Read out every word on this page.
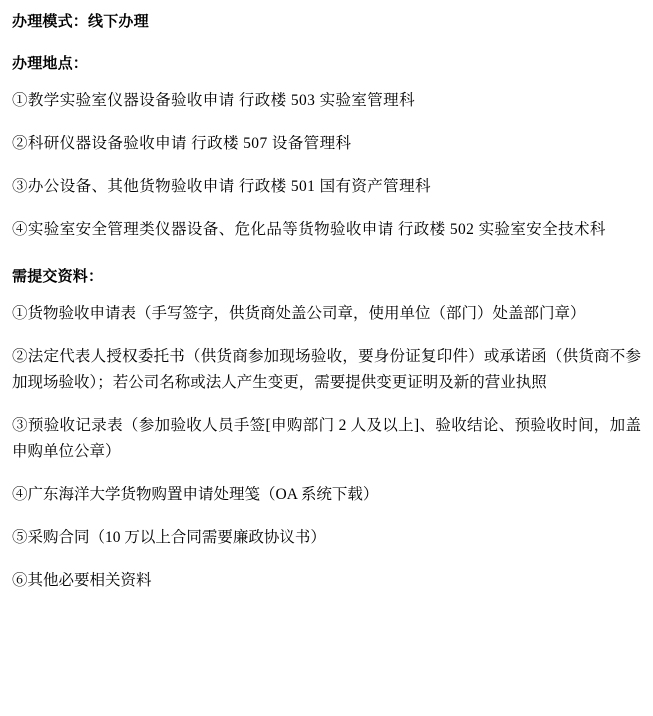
办理模式：线下办理
办理地点：
①教学实验室仪器设备验收申请 行政楼 503 实验室管理科
②科研仪器设备验收申请 行政楼 507 设备管理科
③办公设备、其他货物验收申请 行政楼 501 国有资产管理科
④实验室安全管理类仪器设备、危化品等货物验收申请 行政楼 502 实验室安全技术科
需提交资料：
①货物验收申请表（手写签字，供货商处盖公司章，使用单位（部门）处盖部门章）
②法定代表人授权委托书（供货商参加现场验收，要身份证复印件）或承诺函（供货商不参加现场验收）；若公司名称或法人产生变更，需要提供变更证明及新的营业执照
③预验收记录表（参加验收人员手签[申购部门 2 人及以上]、验收结论、预验收时间，加盖申购单位公章）
④广东海洋大学货物购置申请处理笺（OA 系统下载）
⑤采购合同（10 万以上合同需要廉政协议书）
⑥其他必要相关资料
